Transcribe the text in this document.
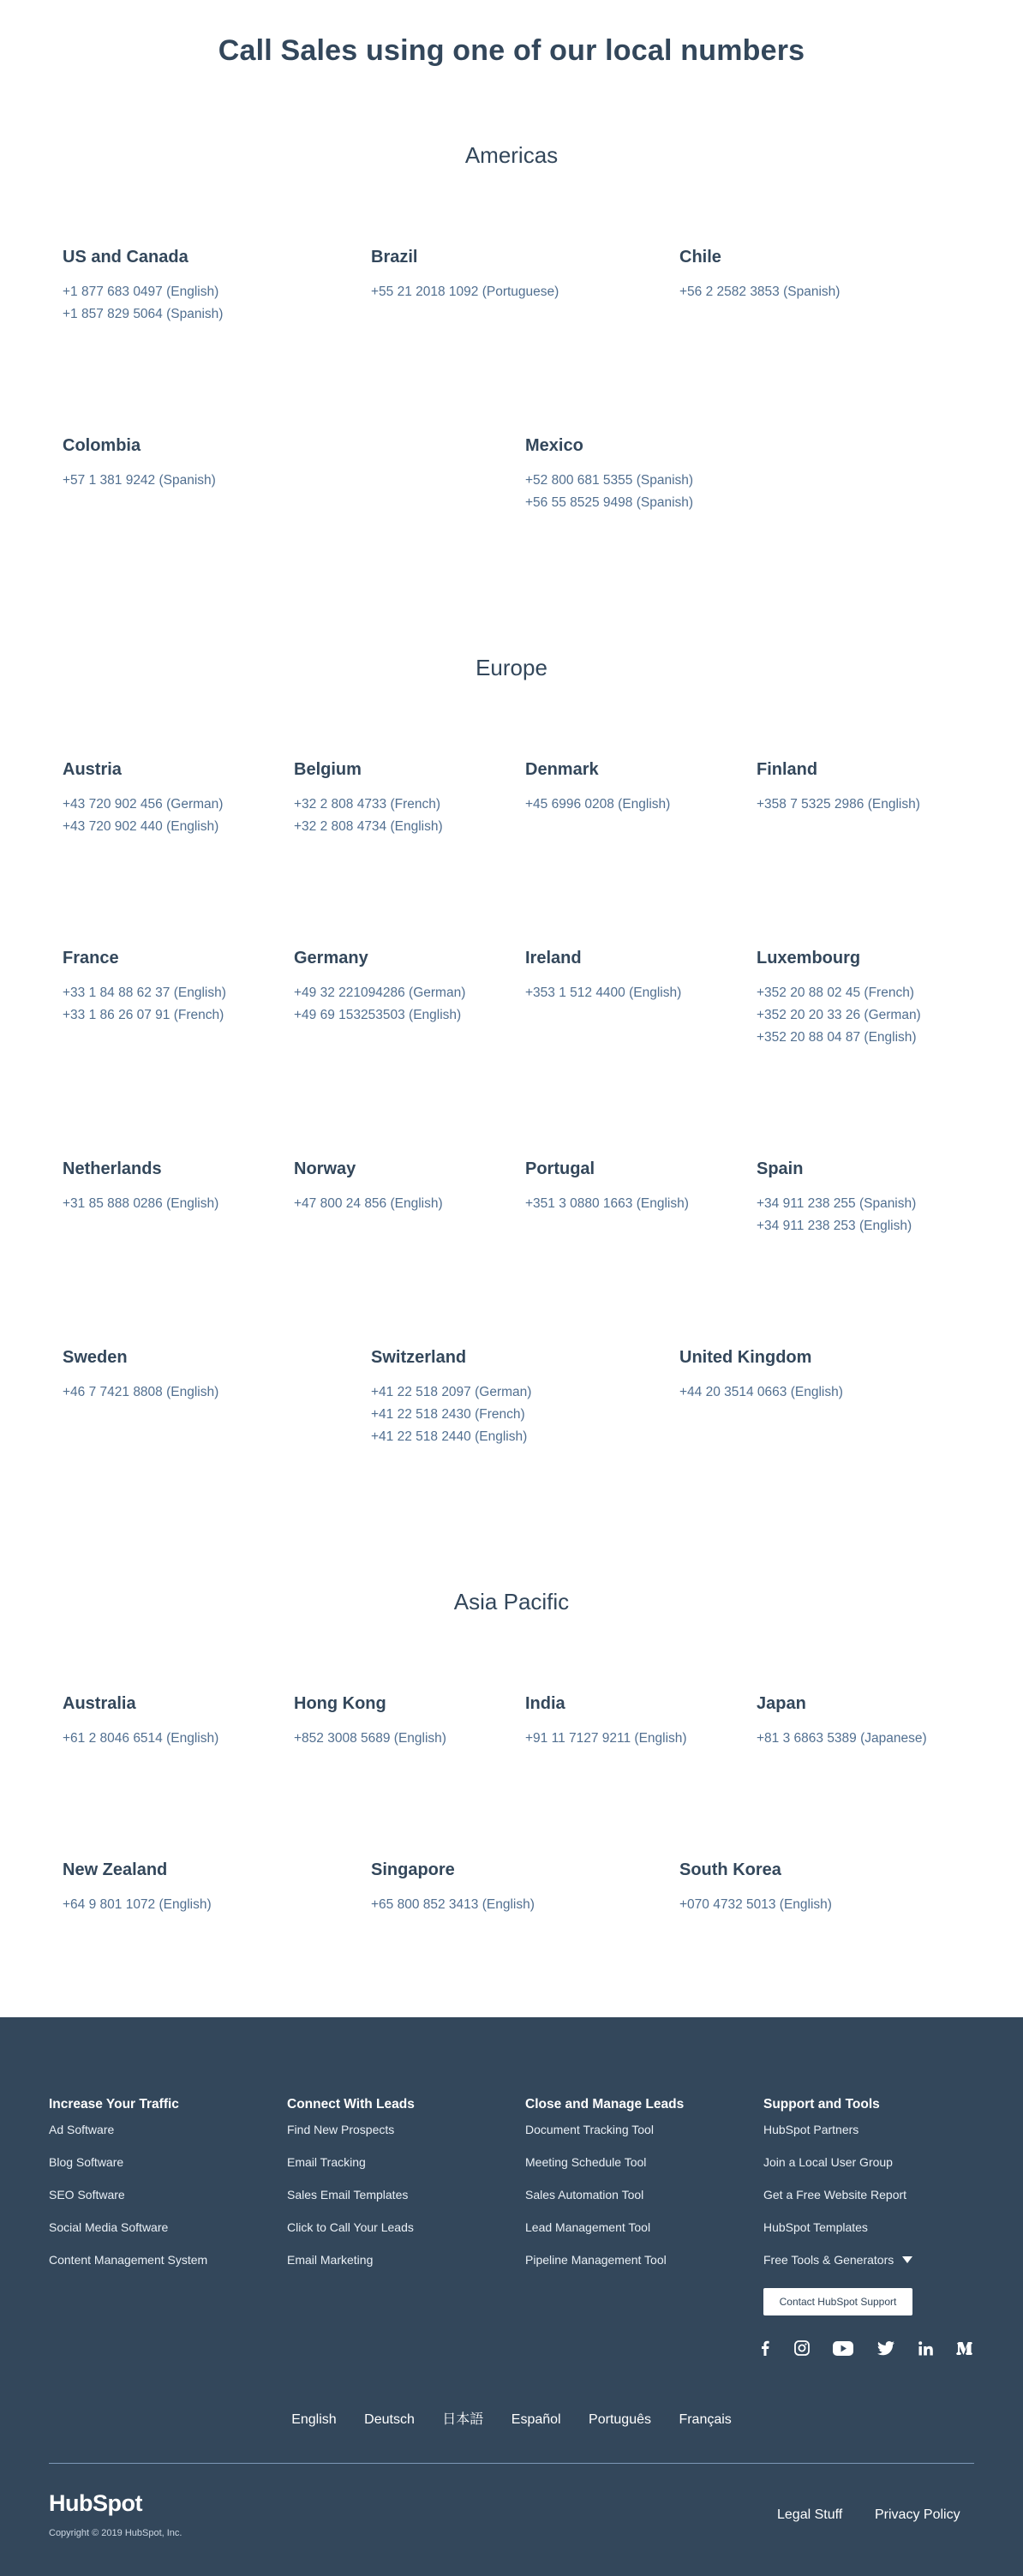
Call Sales using one of our local numbers
Americas
US and Canada
+1 877 683 0497 (English)
+1 857 829 5064 (Spanish)
Brazil
+55 21 2018 1092 (Portuguese)
Chile
+56 2 2582 3853 (Spanish)
Colombia
+57 1 381 9242 (Spanish)
Mexico
+52 800 681 5355 (Spanish)
+56 55 8525 9498 (Spanish)
Europe
Austria
+43 720 902 456 (German)
+43 720 902 440 (English)
Belgium
+32 2 808 4733 (French)
+32 2 808 4734 (English)
Denmark
+45 6996 0208 (English)
Finland
+358 7 5325 2986 (English)
France
+33 1 84 88 62 37 (English)
+33 1 86 26 07 91 (French)
Germany
+49 32 221094286 (German)
+49 69 153253503 (English)
Ireland
+353 1 512 4400 (English)
Luxembourg
+352 20 88 02 45 (French)
+352 20 20 33 26 (German)
+352 20 88 04 87 (English)
Netherlands
+31 85 888 0286 (English)
Norway
+47 800 24 856 (English)
Portugal
+351 3 0880 1663 (English)
Spain
+34 911 238 255 (Spanish)
+34 911 238 253 (English)
Sweden
+46 7 7421 8808 (English)
Switzerland
+41 22 518 2097 (German)
+41 22 518 2430 (French)
+41 22 518 2440 (English)
United Kingdom
+44 20 3514 0663 (English)
Asia Pacific
Australia
+61 2 8046 6514 (English)
Hong Kong
+852 3008 5689 (English)
India
+91 11 7127 9211 (English)
Japan
+81 3 6863 5389 (Japanese)
New Zealand
+64 9 801 1072 (English)
Singapore
+65 800 852 3413 (English)
South Korea
+070 4732 5013 (English)
Increase Your Traffic
Ad Software
Blog Software
SEO Software
Social Media Software
Content Management System
Connect With Leads
Find New Prospects
Email Tracking
Sales Email Templates
Click to Call Your Leads
Email Marketing
Close and Manage Leads
Document Tracking Tool
Meeting Schedule Tool
Sales Automation Tool
Lead Management Tool
Pipeline Management Tool
Support and Tools
HubSpot Partners
Join a Local User Group
Get a Free Website Report
HubSpot Templates
Free Tools & Generators
Contact HubSpot Support
English Deutsch 日本語 Español Português Français
HubSpot
Copyright © 2019 HubSpot, Inc.
Legal Stuff Privacy Policy
